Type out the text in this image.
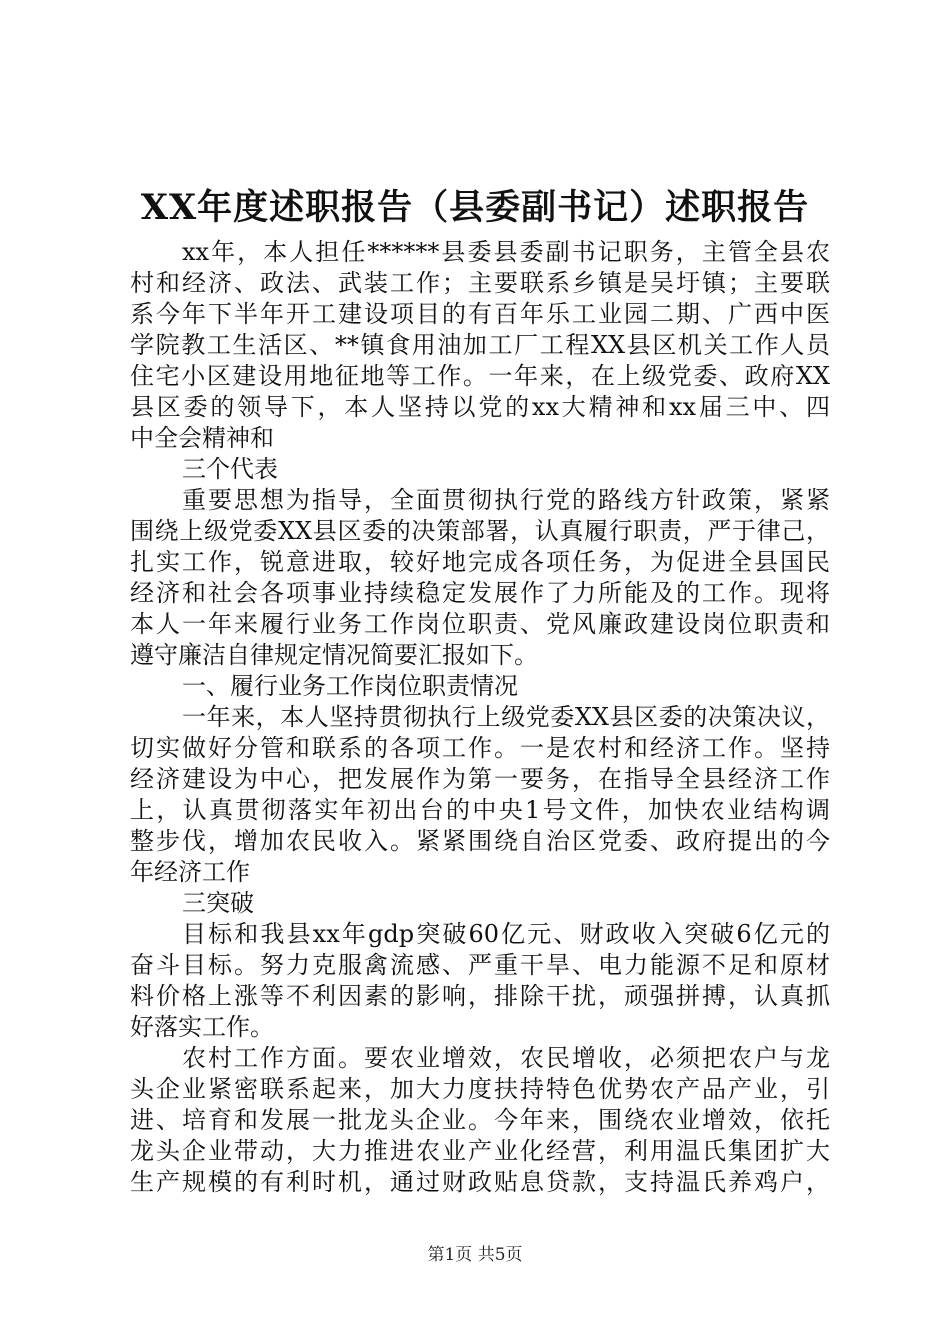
XX年度述职报告（县委副书记）述职报告
xx年，本人担任******县委县委副书记职务，主管全县农
村和经济、政法、武装工作；主要联系乡镇是吴圩镇；主要联
系今年下半年开工建设项目的有百年乐工业园二期、广西中医
学院教工生活区、**镇食用油加工厂工程XX县区机关工作人员
住宅小区建设用地征地等工作。一年来，在上级党委、政府XX
县区委的领导下，本人坚持以党的xx大精神和xx届三中、四
中全会精神和
三个代表
重要思想为指导，全面贯彻执行党的路线方针政策，紧紧
围绕上级党委XX县区委的决策部署，认真履行职责，严于律己，
扎实工作，锐意进取，较好地完成各项任务，为促进全县国民
经济和社会各项事业持续稳定发展作了力所能及的工作。现将
本人一年来履行业务工作岗位职责、党风廉政建设岗位职责和
遵守廉洁自律规定情况简要汇报如下。
一、履行业务工作岗位职责情况
一年来，本人坚持贯彻执行上级党委XX县区委的决策决议，
切实做好分管和联系的各项工作。一是农村和经济工作。坚持
经济建设为中心，把发展作为第一要务，在指导全县经济工作
上，认真贯彻落实年初出台的中央1号文件，加快农业结构调
整步伐，增加农民收入。紧紧围绕自治区党委、政府提出的今
年经济工作
三突破
目标和我县xx年gdp突破60亿元、财政收入突破6亿元的
奋斗目标。努力克服禽流感、严重干旱、电力能源不足和原材
料价格上涨等不利因素的影响，排除干扰，顽强拼搏，认真抓
好落实工作。
农村工作方面。要农业增效，农民增收，必须把农户与龙
头企业紧密联系起来，加大力度扶持特色优势农产品产业，引
进、培育和发展一批龙头企业。今年来，围绕农业增效，依托
龙头企业带动，大力推进农业产业化经营，利用温氏集团扩大
生产规模的有利时机，通过财政贴息贷款，支持温氏养鸡户，
第1页 共5页
